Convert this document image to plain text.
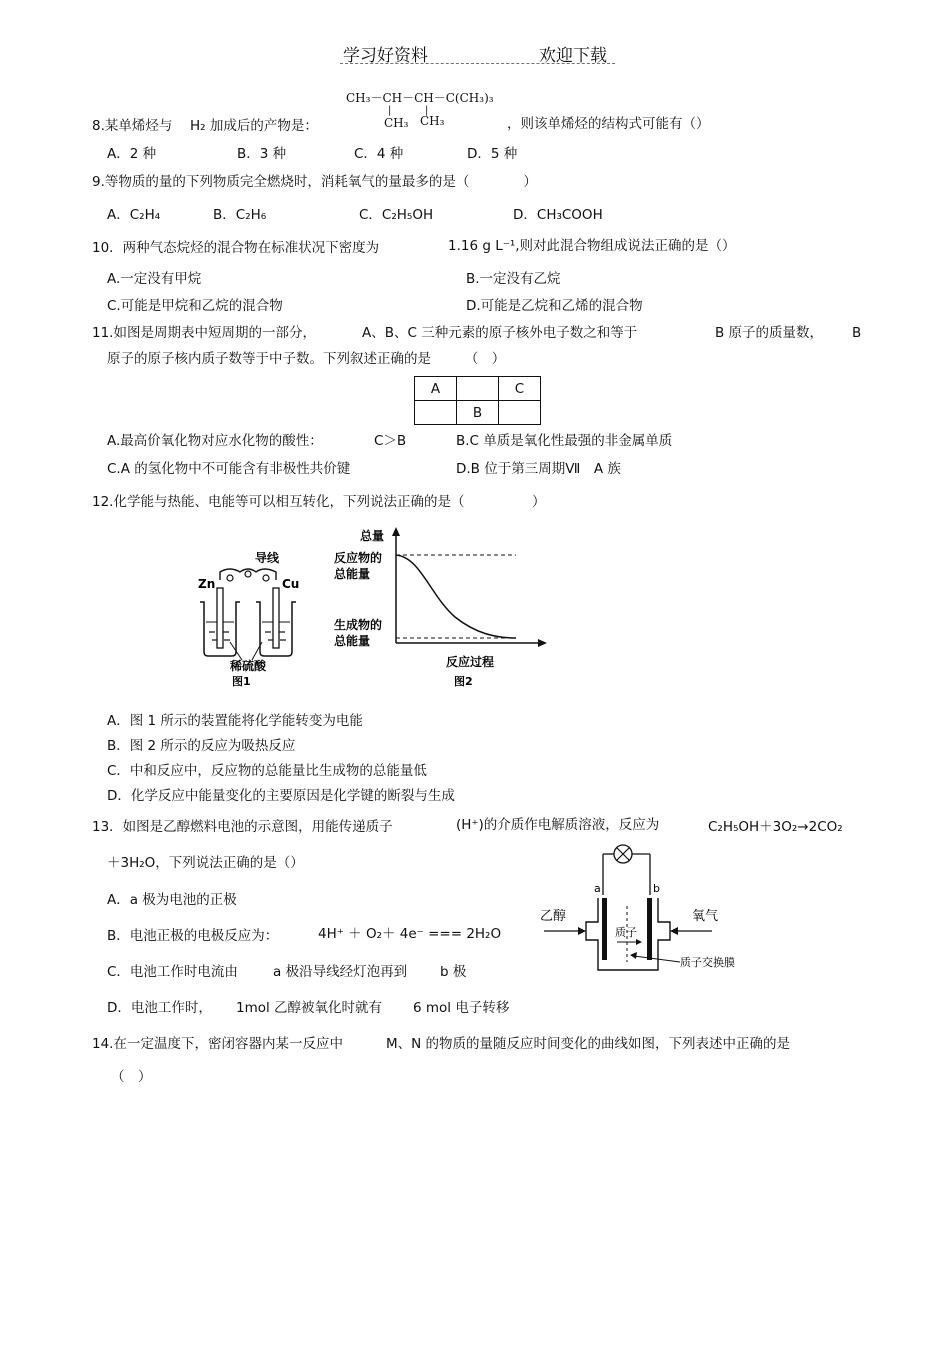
学习好资料	欢迎下载
CH₃－CH－CH－C(CH₃)₃
|	|
CH₃ CH₃
8.某单烯烃与 H₂ 加成后的产物是：	，则该单烯烃的结构式可能有（）
A．2 种	B．3 种	C．4 种	D．5 种
9.等物质的量的下列物质完全燃烧时，消耗氧气的量最多的是（　　　　）
A．C₂H₄	B．C₂H₆	C．C₂H₅OH	D．CH₃COOH
10．两种气态烷烃的混合物在标准状况下密度为	1.16 g L⁻¹,则对此混合物组成说法正确的是（）
A.一定没有甲烷	B.一定没有乙烷
C.可能是甲烷和乙烷的混合物	D.可能是乙烷和乙烯的混合物
11.如图是周期表中短周期的一部分，	A、B、C 三种元素的原子核外电子数之和等于	B 原子的质量数， B
原子的原子核内质子数等于中子数。下列叙述正确的是　　　（　）
A		C
	B	
A.最高价氧化物对应水化物的酸性：	C＞B	B.C 单质是氧化性最强的非金属单质
C.A 的氢化物中不可能含有非极性共价键	D.B 位于第三周期Ⅶ　A 族
12.化学能与热能、电能等可以相互转化，下列说法正确的是（　　　　　）
导线
Zn	Cu
稀硫酸
图1
总量
反应物的
总能量
生成物的
总能量
反应过程
图2
A．图 1 所示的装置能将化学能转变为电能
B．图 2 所示的反应为吸热反应
C．中和反应中，反应物的总能量比生成物的总能量低
D．化学反应中能量变化的主要原因是化学键的断裂与生成
13．如图是乙醇燃料电池的示意图，用能传递质子	(H⁺)的介质作电解质溶液，反应为	C₂H₅OH＋3O₂→2CO₂
＋3H₂O，下列说法正确的是（）
A．a 极为电池的正极
B．电池正极的电极反应为：	4H⁺ ＋ O₂＋ 4e⁻ === 2H₂O
C．电池工作时电流由	a 极沿导线经灯泡再到 b 极
D．电池工作时， 1mol 乙醇被氧化时就有 6 mol 电子转移
a	b
质子
乙醇	氧气
质子交换膜
14.在一定温度下，密闭容器内某一反应中	M、N 的物质的量随反应时间变化的曲线如图，下列表述中正确的是
（　）
